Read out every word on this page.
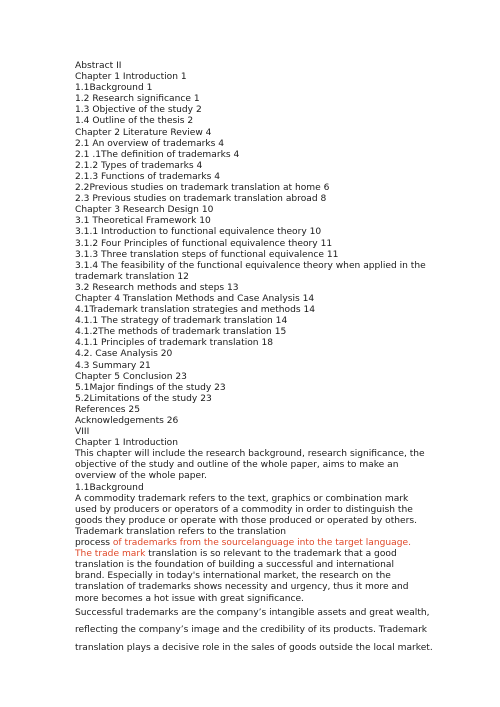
Abstract II
Chapter 1 Introduction 1
1.1Background 1
1.2 Research significance 1
1.3 Objective of the study 2
1.4 Outline of the thesis 2
Chapter 2 Literature Review 4
2.1 An overview of trademarks 4
2.1 .1The definition of trademarks 4
2.1.2 Types of trademarks 4
2.1.3 Functions of trademarks 4
2.2Previous studies on trademark translation at home 6
2.3 Previous studies on trademark translation abroad 8
Chapter 3 Research Design 10
3.1 Theoretical Framework 10
3.1.1 Introduction to functional equivalence theory 10
3.1.2 Four Principles of functional equivalence theory 11
3.1.3 Three translation steps of functional equivalence 11
3.1.4 The feasibility of the functional equivalence theory when applied in the
trademark translation 12
3.2 Research methods and steps 13
Chapter 4 Translation Methods and Case Analysis 14
4.1Trademark translation strategies and methods 14
4.1.1 The strategy of trademark translation 14
4.1.2The methods of trademark translation 15
4.1.1 Principles of trademark translation 18
4.2. Case Analysis 20
4.3 Summary 21
Chapter 5 Conclusion 23
5.1Major findings of the study 23
5.2Limitations of the study 23
References 25
Acknowledgements 26
VIII
Chapter 1 Introduction
This chapter will include the research background, research significance, the objective of the study and outline of the whole paper, aims to make an overview of the whole paper.
1.1Background
A commodity trademark refers to the text, graphics or combination mark used by producers or operators of a commodity in order to distinguish the goods they produce or operate with those produced or operated by others. Trademark translation refers to the translation
process of trademarks from the sourcelanguage into the target language. The trade mark translation is so relevant to the trademark that a good translation is the foundation of building a successful and international brand. Especially in today's international market, the research on the translation of trademarks shows necessity and urgency, thus it more and more becomes a hot issue with great significance.
Successful trademarks are the company’s intangible assets and great wealth,
reflecting the company’s image and the credibility of its products. Trademark
translation plays a decisive role in the sales of goods outside the local market.
